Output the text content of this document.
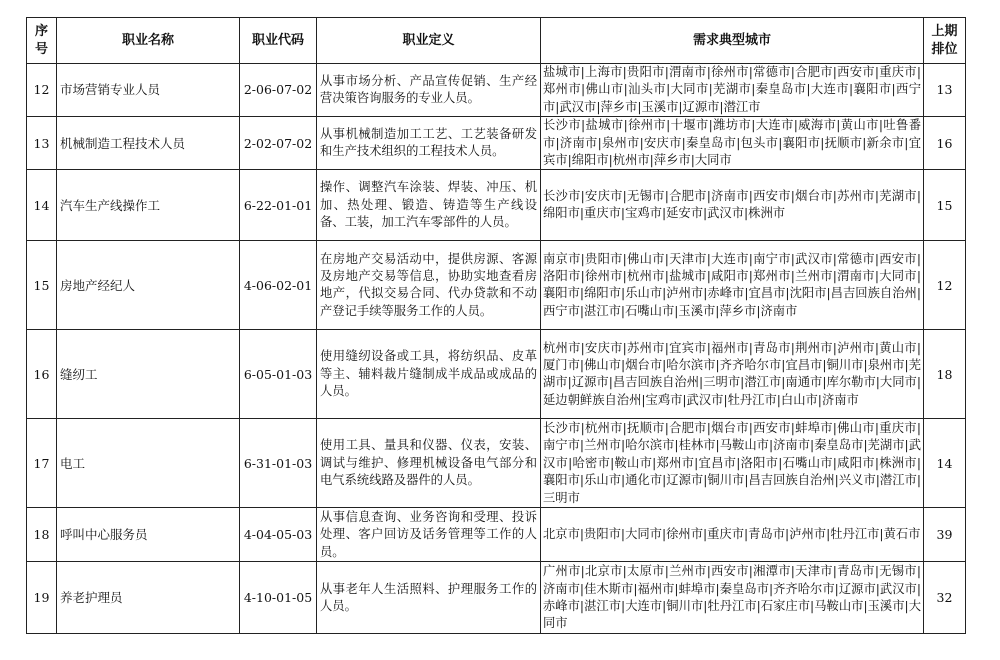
序号	职业名称	职业代码	职业定义	需求典型城市	上期排位
12	市场营销专业人员	2-06-07-02	从事市场分析、产品宣传促销、生产经营决策咨询服务的专业人员。	盐城市|上海市|贵阳市|渭南市|徐州市|常德市|合肥市|西安市|重庆市|郑州市|佛山市|汕头市|大同市|芜湖市|秦皇岛市|大连市|襄阳市|西宁市|武汉市|萍乡市|玉溪市|辽源市|潜江市	13
13	机械制造工程技术人员	2-02-07-02	从事机械制造加工工艺、工艺装备研发和生产技术组织的工程技术人员。	长沙市|盐城市|徐州市|十堰市|潍坊市|大连市|威海市|黄山市|吐鲁番市|济南市|泉州市|安庆市|秦皇岛市|包头市|襄阳市|抚顺市|新余市|宜宾市|绵阳市|杭州市|萍乡市|大同市	16
14	汽车生产线操作工	6-22-01-01	操作、调整汽车涂装、焊装、冲压、机加、热处理、锻造、铸造等生产线设备、工装，加工汽车零部件的人员。	长沙市|安庆市|无锡市|合肥市|济南市|西安市|烟台市|苏州市|芜湖市|绵阳市|重庆市|宝鸡市|延安市|武汉市|株洲市	15
15	房地产经纪人	4-06-02-01	在房地产交易活动中，提供房源、客源及房地产交易等信息，协助实地查看房地产，代拟交易合同、代办贷款和不动产登记手续等服务工作的人员。	南京市|贵阳市|佛山市|天津市|大连市|南宁市|武汉市|常德市|西安市|洛阳市|徐州市|杭州市|盐城市|咸阳市|郑州市|兰州市|渭南市|大同市|襄阳市|绵阳市|乐山市|泸州市|赤峰市|宜昌市|沈阳市|昌吉回族自治州|西宁市|湛江市|石嘴山市|玉溪市|萍乡市|济南市	12
16	缝纫工	6-05-01-03	使用缝纫设备或工具，将纺织品、皮革等主、辅料裁片缝制成半成品或成品的人员。	杭州市|安庆市|苏州市|宜宾市|福州市|青岛市|荆州市|泸州市|黄山市|厦门市|佛山市|烟台市|哈尔滨市|齐齐哈尔市|宜昌市|铜川市|泉州市|芜湖市|辽源市|昌吉回族自治州|三明市|潜江市|南通市|库尔勒市|大同市|延边朝鲜族自治州|宝鸡市|武汉市|牡丹江市|白山市|济南市	18
17	电工	6-31-01-03	使用工具、量具和仪器、仪表，安装、调试与维护、修理机械设备电气部分和电气系统线路及器件的人员。	长沙市|杭州市|抚顺市|合肥市|烟台市|西安市|蚌埠市|佛山市|重庆市|南宁市|兰州市|哈尔滨市|桂林市|马鞍山市|济南市|秦皇岛市|芜湖市|武汉市|哈密市|鞍山市|郑州市|宜昌市|洛阳市|石嘴山市|咸阳市|株洲市|襄阳市|乐山市|通化市|辽源市|铜川市|昌吉回族自治州|兴义市|潜江市|三明市	14
18	呼叫中心服务员	4-04-05-03	从事信息查询、业务咨询和受理、投诉处理、客户回访及话务管理等工作的人员。	北京市|贵阳市|大同市|徐州市|重庆市|青岛市|泸州市|牡丹江市|黄石市	39
19	养老护理员	4-10-01-05	从事老年人生活照料、护理服务工作的人员。	广州市|北京市|太原市|兰州市|西安市|湘潭市|天津市|青岛市|无锡市|济南市|佳木斯市|福州市|蚌埠市|秦皇岛市|齐齐哈尔市|辽源市|武汉市|赤峰市|湛江市|大连市|铜川市|牡丹江市|石家庄市|马鞍山市|玉溪市|大同市	32
